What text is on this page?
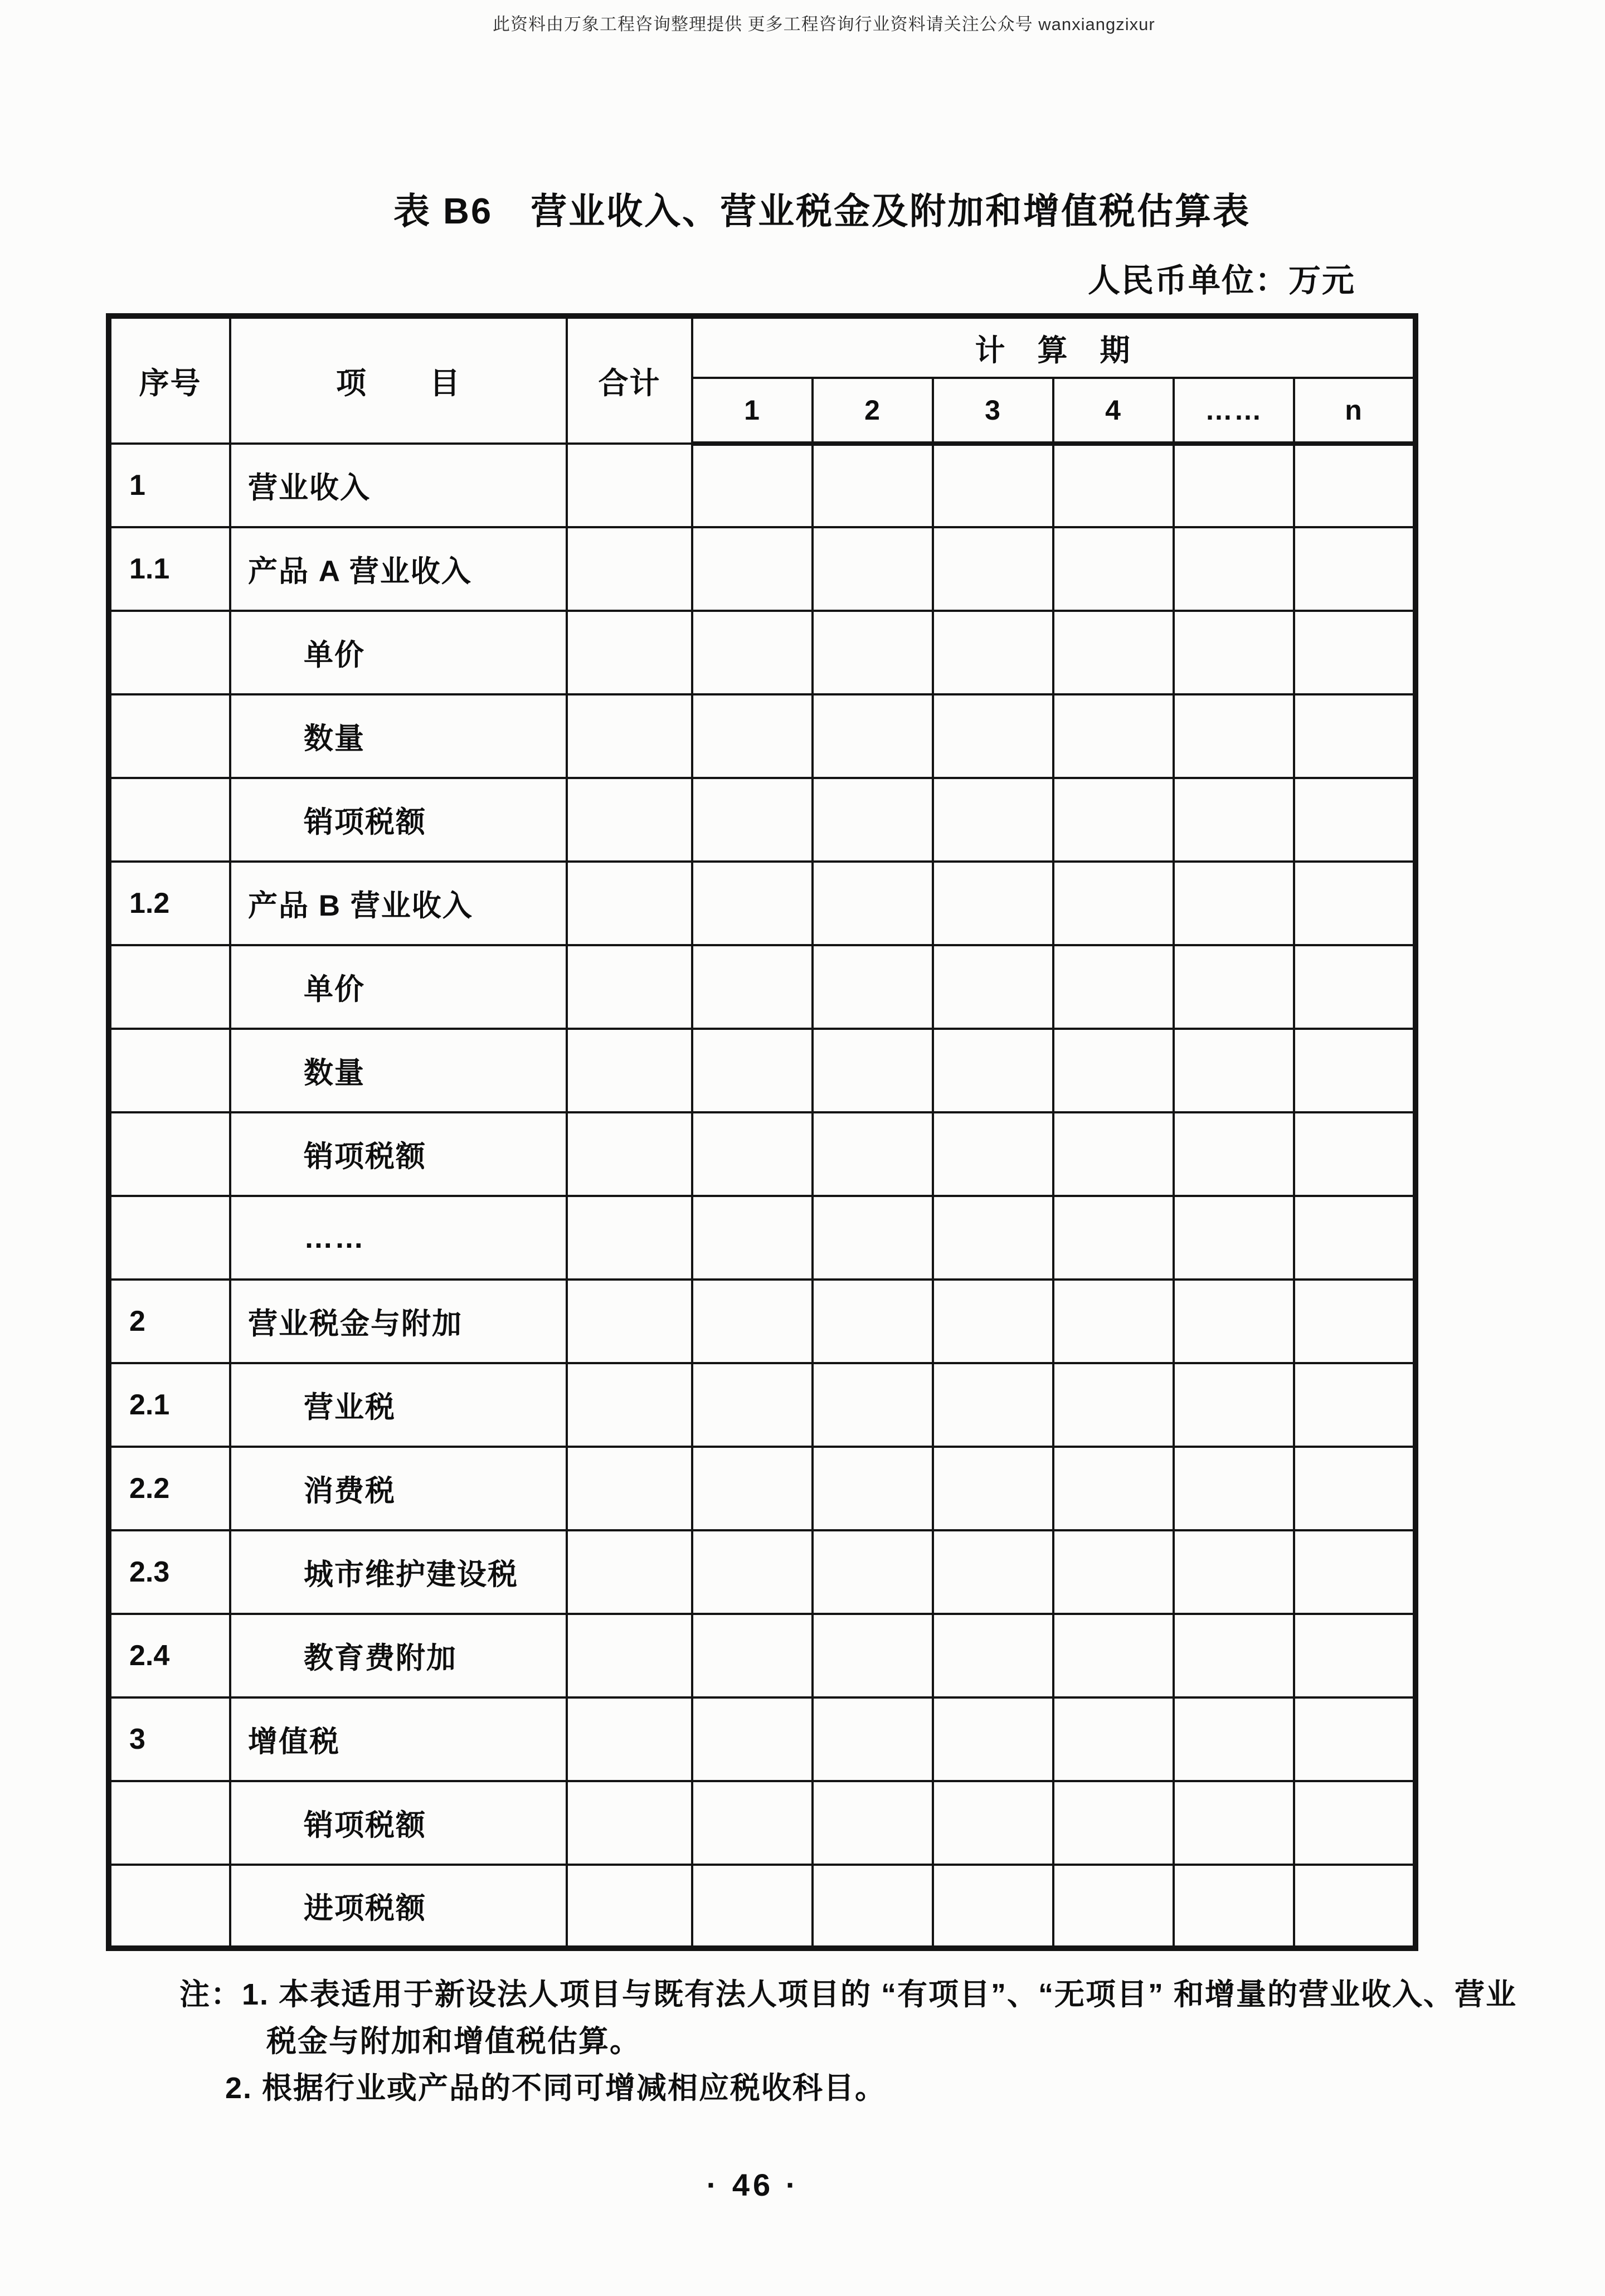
此资料由万象工程咨询整理提供 更多工程咨询行业资料请关注公众号 wanxiangzixur
表 B6　营业收入、营业税金及附加和增值税估算表
人民币单位：万元
序号	项　　目	合计	计　算　期					
			1	2	3	4	……	n
1	营业收入							
1.1	产品 A 营业收入							
	单价							
	数量							
	销项税额							
1.2	产品 B 营业收入							
	单价							
	数量							
	销项税额							
	……							
2	营业税金与附加							
2.1	营业税							
2.2	消费税							
2.3	城市维护建设税							
2.4	教育费附加							
3	增值税							
	销项税额							
	进项税额							
注：1. 本表适用于新设法人项目与既有法人项目的 “有项目”、“无项目” 和增量的营业收入、营业
税金与附加和增值税估算。
2. 根据行业或产品的不同可增减相应税收科目。
· 46 ·
